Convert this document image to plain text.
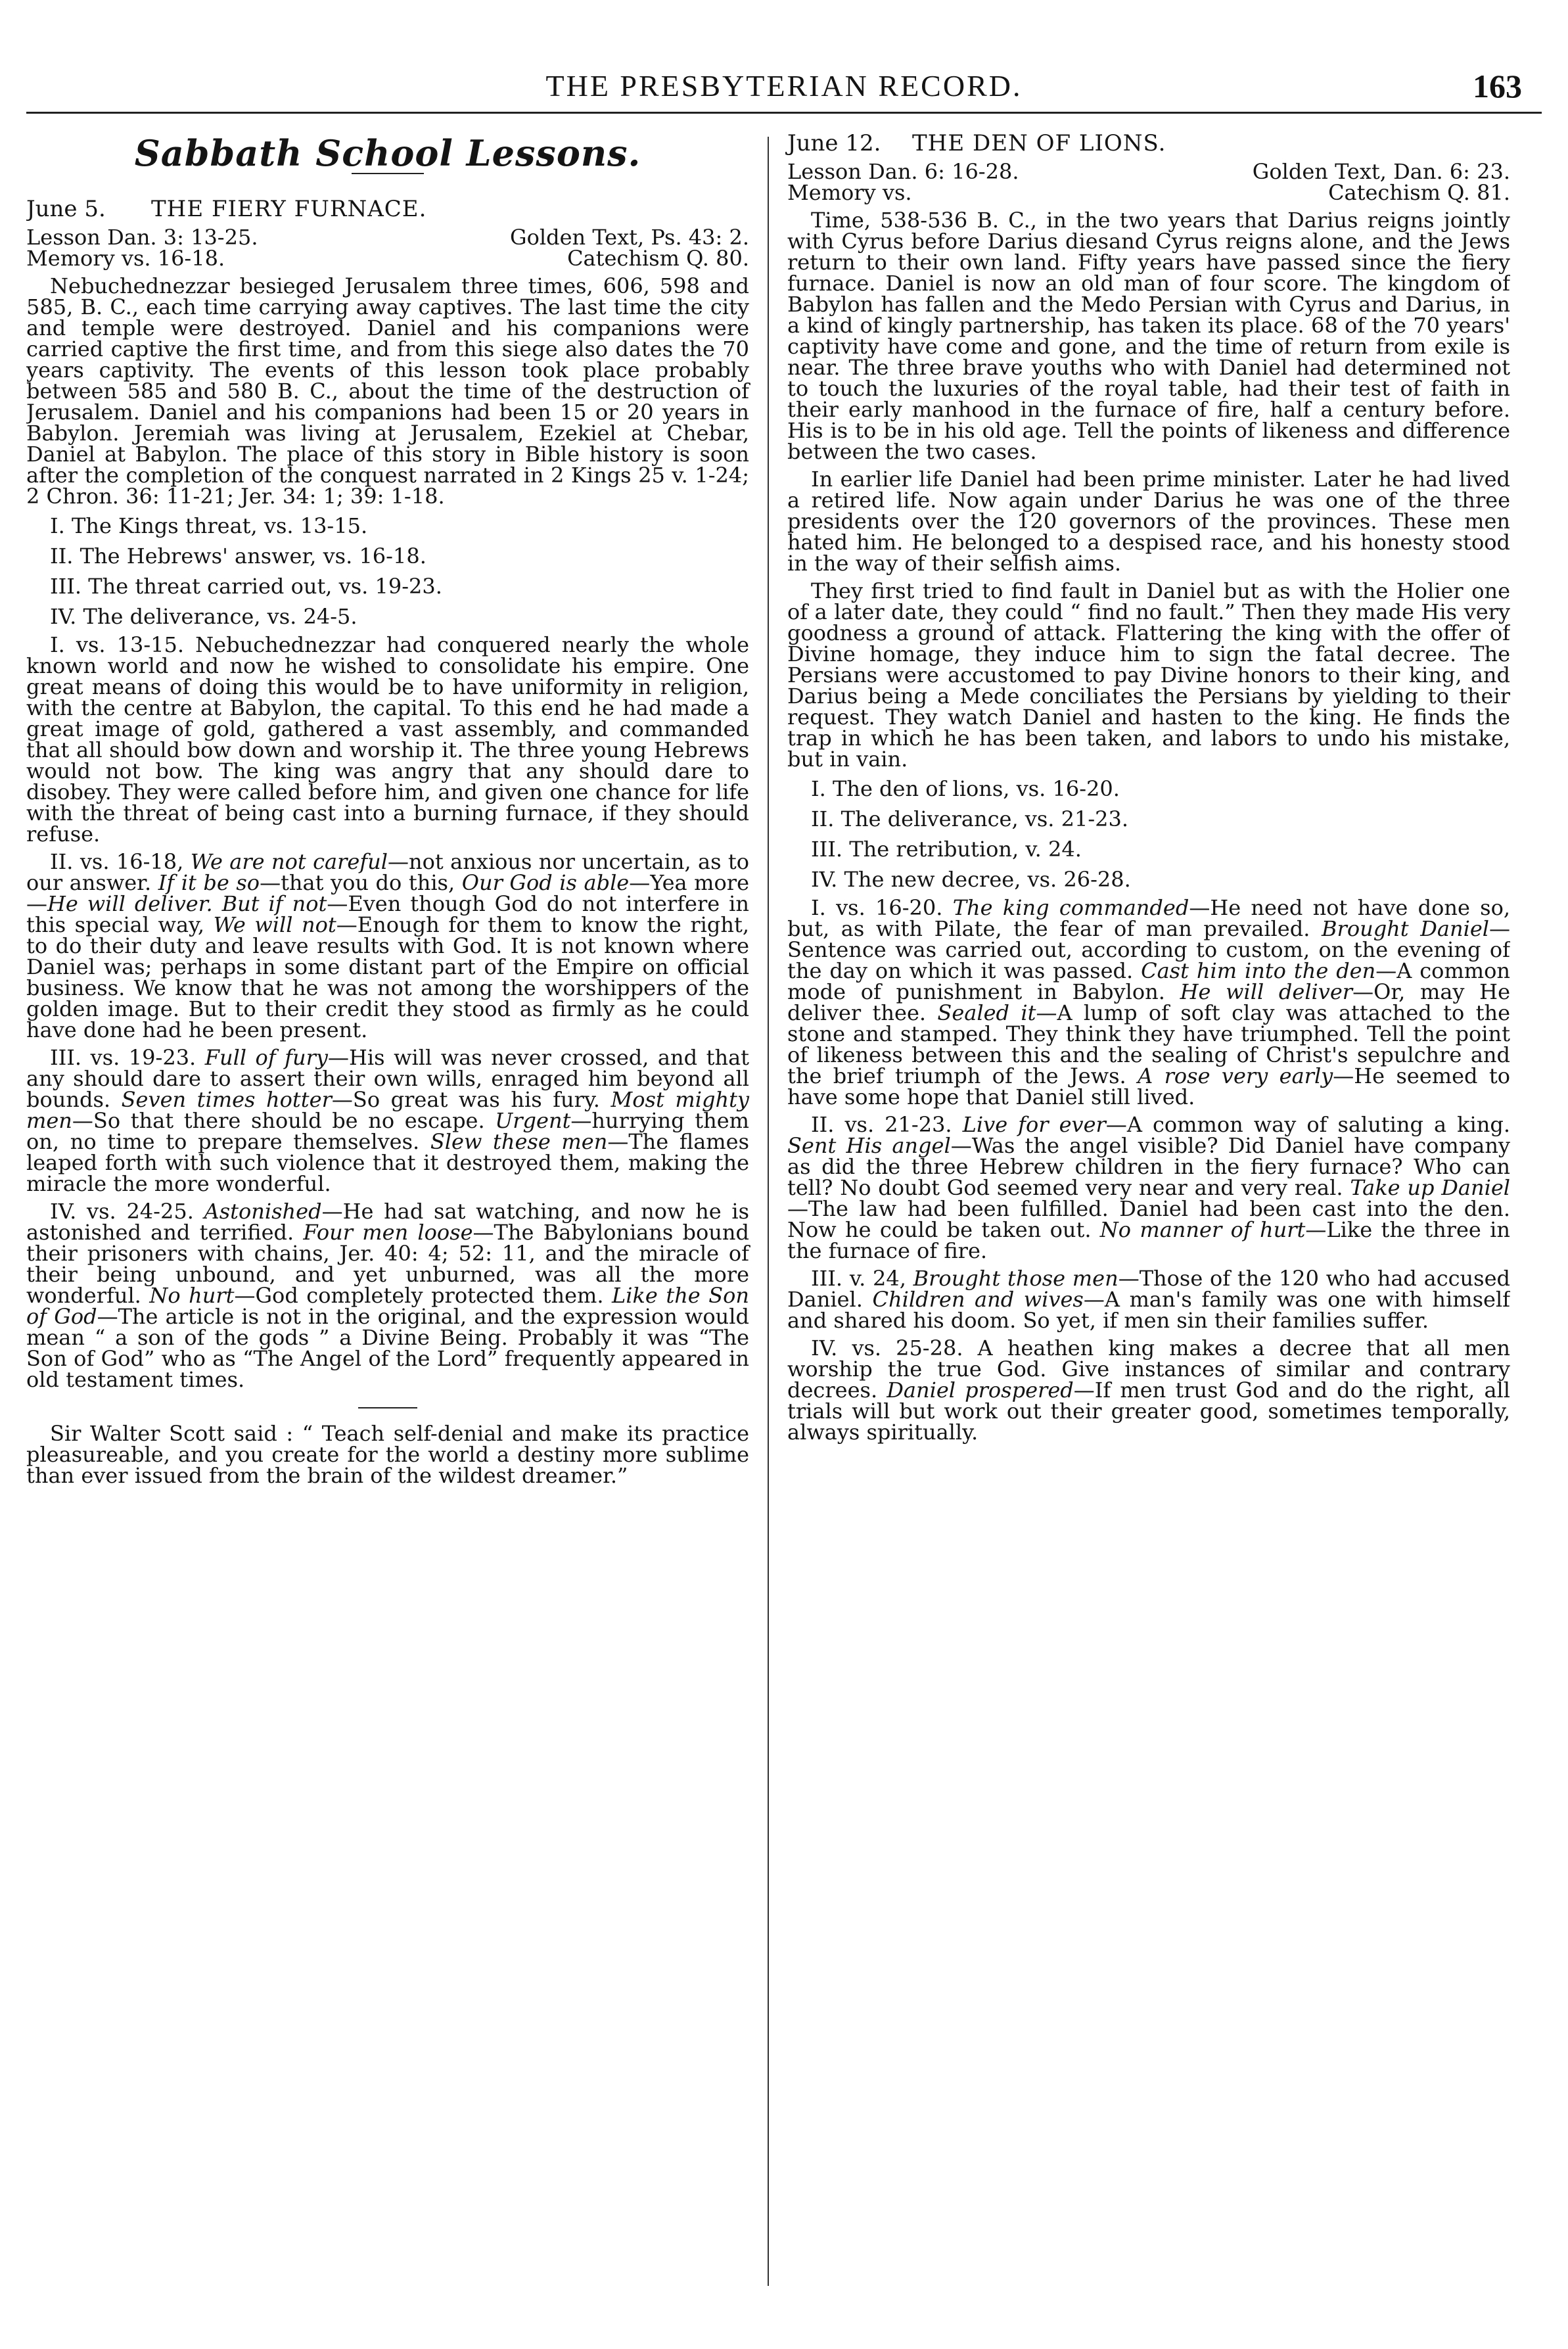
THE PRESBYTERIAN RECORD.	163
Sabbath School Lessons.
June 5.	THE FIERY FURNACE.
Lesson Dan. 3: 13-25.	Golden Text, Ps. 43: 2.
Memory vs. 16-18.	Catechism Q. 80.

Nebuchednezzar besieged Jerusalem three times, 606, 598 and 585, B. C., each time carrying away captives. The last time the city and temple were destroyed. Daniel and his companions were carried captive the first time, and from this siege also dates the 70 years captivity. The events of this lesson took place probably between 585 and 580 B. C., about the time of the destruction of Jerusalem. Daniel and his companions had been 15 or 20 years in Babylon. Jeremiah was living at Jerusalem, Ezekiel at Chebar, Daniel at Babylon. The place of this story in Bible history is soon after the completion of the conquest narrated in 2 Kings 25 v. 1-24; 2 Chron. 36: 11-21; Jer. 34: 1; 39: 1-18.

I. The Kings threat, vs. 13-15.
II. The Hebrews' answer, vs. 16-18.
III. The threat carried out, vs. 19-23.
IV. The deliverance, vs. 24-5.

I. vs. 13-15. Nebuchednezzar had conquered nearly the whole known world and now he wished to consolidate his empire. One great means of doing this would be to have uniformity in religion, with the centre at Babylon, the capital. To this end he had made a great image of gold, gathered a vast assembly, and commanded that all should bow down and worship it. The three young Hebrews would not bow. The king was angry that any should dare to disobey. They were called before him, and given one chance for life with the threat of being cast into a burning furnace, if they should refuse.

II. vs. 16-18, We are not careful—not anxious nor uncertain, as to our answer. If it be so—that you do this, Our God is able—Yea more—He will deliver. But if not—Even though God do not interfere in this special way, We will not—Enough for them to know the right, to do their duty and leave results with God. It is not known where Daniel was; perhaps in some distant part of the Empire on official business. We know that he was not among the worshippers of the golden image. But to their credit they stood as firmly as he could have done had he been present.

III. vs. 19-23. Full of fury—His will was never crossed, and that any should dare to assert their own wills, enraged him beyond all bounds. Seven times hotter—So great was his fury. Most mighty men—So that there should be no escape. Urgent—hurrying them on, no time to prepare themselves. Slew these men—The flames leaped forth with such violence that it destroyed them, making the miracle the more wonderful.

IV. vs. 24-25. Astonished—He had sat watching, and now he is astonished and terrified. Four men loose—The Babylonians bound their prisoners with chains, Jer. 40: 4; 52: 11, and the miracle of their being unbound, and yet unburned, was all the more wonderful. No hurt—God completely protected them. Like the Son of God—The article is not in the original, and the expression would mean “ a son of the gods ” a Divine Being. Probably it was “The Son of God” who as “The Angel of the Lord” frequently appeared in old testament times.

Sir Walter Scott said : “ Teach self-denial and make its practice pleasureable, and you create for the world a destiny more sublime than ever issued from the brain of the wildest dreamer.”

June 12.	THE DEN OF LIONS.
Lesson Dan. 6: 16-28.	Golden Text, Dan. 6: 23.
Memory vs.	Catechism Q. 81.

Time, 538-536 B. C., in the two years that Darius reigns jointly with Cyrus before Darius diesand Cyrus reigns alone, and the Jews return to their own land. Fifty years have passed since the fiery furnace. Daniel is now an old man of four score. The kingdom of Babylon has fallen and the Medo Persian with Cyrus and Darius, in a kind of kingly partnership, has taken its place. 68 of the 70 years' captivity have come and gone, and the time of return from exile is near. The three brave youths who with Daniel had determined not to touch the luxuries of the royal table, had their test of faith in their early manhood in the furnace of fire, half a century before. His is to be in his old age. Tell the points of likeness and difference between the two cases.

In earlier life Daniel had been prime minister. Later he had lived a retired life. Now again under Darius he was one of the three presidents over the 120 governors of the provinces. These men hated him. He belonged to a despised race, and his honesty stood in the way of their selfish aims.

They first tried to find fault in Daniel but as with the Holier one of a later date, they could “ find no fault.” Then they made His very goodness a ground of attack. Flattering the king with the offer of Divine homage, they induce him to sign the fatal decree. The Persians were accustomed to pay Divine honors to their king, and Darius being a Mede conciliates the Persians by yielding to their request. They watch Daniel and hasten to the king. He finds the trap in which he has been taken, and labors to undo his mistake, but in vain.

I. The den of lions, vs. 16-20.
II. The deliverance, vs. 21-23.
III. The retribution, v. 24.
IV. The new decree, vs. 26-28.

I. vs. 16-20. The king commanded—He need not have done so, but, as with Pilate, the fear of man prevailed. Brought Daniel—Sentence was carried out, according to custom, on the evening of the day on which it was passed. Cast him into the den—A common mode of punishment in Babylon. He will deliver—Or, may He deliver thee. Sealed it—A lump of soft clay was attached to the stone and stamped. They think they have triumphed. Tell the point of likeness between this and the sealing of Christ's sepulchre and the brief triumph of the Jews. A rose very early—He seemed to have some hope that Daniel still lived.

II. vs. 21-23. Live for ever—A common way of saluting a king. Sent His angel—Was the angel visible? Did Daniel have company as did the three Hebrew children in the fiery furnace? Who can tell? No doubt God seemed very near and very real. Take up Daniel—The law had been fulfilled. Daniel had been cast into the den. Now he could be taken out. No manner of hurt—Like the three in the furnace of fire.

III. v. 24, Brought those men—Those of the 120 who had accused Daniel. Children and wives—A man's family was one with himself and shared his doom. So yet, if men sin their families suffer.

IV. vs. 25-28. A heathen king makes a decree that all men worship the true God. Give instances of similar and contrary decrees. Daniel prospered—If men trust God and do the right, all trials will but work out their greater good, sometimes temporally, always spiritually.
